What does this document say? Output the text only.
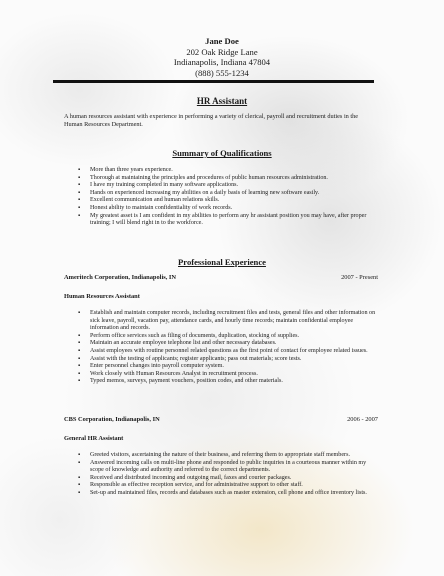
Jane Doe
202 Oak Ridge Lane
Indianapolis, Indiana 47804
(888) 555-1234
HR Assistant
A human resources assistant with experience in performing a variety of clerical, payroll and recruitment duties in the Human Resources Department.
Summary of Qualifications
▪ More than three years experience.
▪ Thorough at maintaining the principles and procedures of public human resources administration.
▪ I have my training completed in many software applications.
▪ Hands on experienced increasing my abilities on a daily basis of learning new software easily.
▪ Excellent communication and human relations skills.
▪ Honest ability to maintain confidentiality of work records.
▪ My greatest asset is I am confident in my abilities to perform any hr assistant position you may have, after proper training; I will blend right in to the workforce.
Professional Experience
Ameritech Corporation, Indianapolis, IN	2007 - Present
Human Resources Assistant
▪ Establish and maintain computer records, including recruitment files and tests, general files and other information on sick leave, payroll, vacation pay, attendance cards, and hourly time records; maintain confidential employee information and records.
▪ Perform office services such as filing of documents, duplication, stocking of supplies.
▪ Maintain an accurate employee telephone list and other necessary databases.
▪ Assist employees with routine personnel related questions as the first point of contact for employee related issues.
▪ Assist with the testing of applicants; register applicants; pass out materials; score tests.
▪ Enter personnel changes into payroll computer system.
▪ Work closely with Human Resources Analyst in recruitment process.
▪ Typed memos, surveys, payment vouchers, position codes, and other materials.
CBS Corporation, Indianapolis, IN	2006 - 2007
General HR Assistant
▪ Greeted visitors, ascertaining the nature of their business, and referring them to appropriate staff members.
▪ Answered incoming calls on multi-line phone and responded to public inquiries in a courteous manner within my scope of knowledge and authority and referred to the correct departments.
▪ Received and distributed incoming and outgoing mail, faxes and courier packages.
▪ Responsible as effective reception service, and for administrative support to other staff.
▪ Set-up and maintained files, records and databases such as master extension, cell phone and office inventory lists.
